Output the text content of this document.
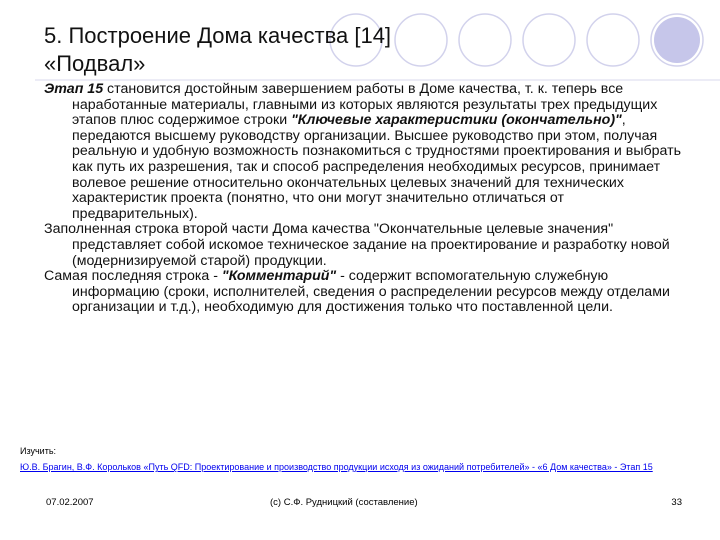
5. Построение Дома качества [14]
«Подвал»

Этап 15 становится достойным завершением работы в Доме качества, т. к. теперь все наработанные материалы, главными из которых являются результаты трех предыдущих этапов плюс содержимое строки "Ключевые характеристики (окончательно)", передаются высшему руководству организации. Высшее руководство при этом, получая реальную и удобную возможность познакомиться с трудностями проектирования и выбрать как путь их разрешения, так и способ распределения необходимых ресурсов, принимает волевое решение относительно окончательных целевых значений для технических характеристик проекта (понятно, что они могут значительно отличаться от предварительных).

Заполненная строка второй части Дома качества "Окончательные целевые значения" представляет собой искомое техническое задание на проектирование и разработку новой (модернизируемой старой) продукции.

Самая последняя строка - "Комментарий" - содержит вспомогательную служебную информацию (сроки, исполнителей, сведения о распределении ресурсов между отделами организации и т.д.), необходимую для достижения только что поставленной цели.

Изучить:
Ю.В. Брагин, В.Ф. Корольков «Путь QFD: Проектирование и производство продукции исходя из ожиданий потребителей» - «6 Дом качества» - Этап 15
07.02.2007	(с) С.Ф. Рудницкий (составление)	33
